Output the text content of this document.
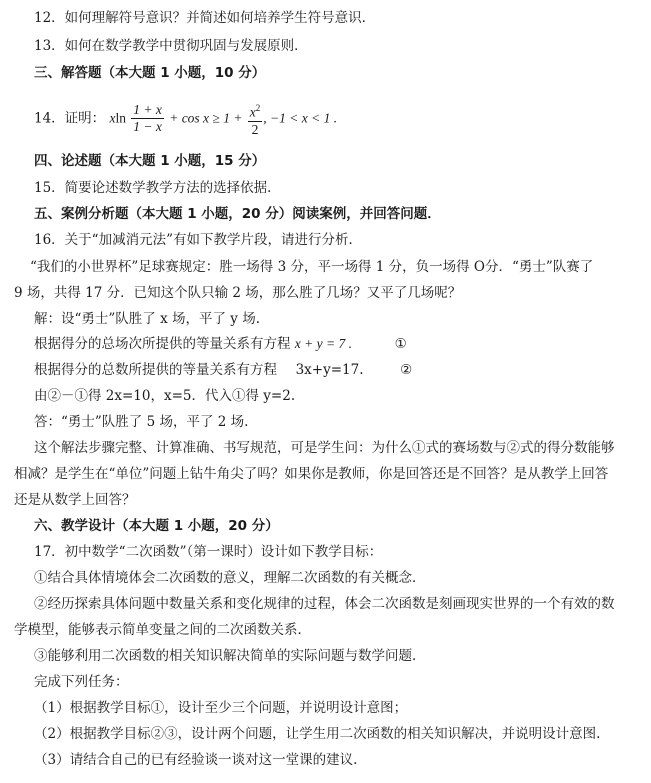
12．如何理解符号意识？并简述如何培养学生符号意识．
13．如何在数学教学中贯彻巩固与发展原则．
三、解答题（本大题 1 小题，10 分）
14．证明： xln $\frac{1 + x}{1 - x} + \cos x \ge 1 + \frac{x^2}{2}$ , −1 < x < 1 .
四、论述题（本大题 1 小题，15 分）
15．简要论述数学教学方法的选择依据．
五、案例分析题（本大题 1 小题，20 分）阅读案例，并回答问题．
16．关于“加减消元法”有如下教学片段，请进行分析．
“我们的小世界杯”足球赛规定：胜一场得 3 分，平一场得 1 分，负一场得 O分．“勇士”队赛了
9 场，共得 17 分．已知这个队只输 2 场，那么胜了几场？又平了几场呢？
解：设“勇士”队胜了 x 场，平了 y 场.
根据得分的总场次所提供的等量关系有方程 x + y = 7 .	①
根据得分的总数所提供的等量关系有方程 3x+y=17.	②
由②－①得 2x=10，x=5．代入①得 y=2.
答：“勇士”队胜了 5 场，平了 2 场.
这个解法步骤完整、计算准确、书写规范，可是学生问：为什么①式的赛场数与②式的得分数能够
相减？是学生在“单位”问题上钻牛角尖了吗？如果你是教师，你是回答还是不回答？是从教学上回答
还是从数学上回答？
六、教学设计（本大题 1 小题，20 分）
17．初中数学“二次函数”（第一课时）设计如下教学目标：
①结合具体情境体会二次函数的意义，理解二次函数的有关概念．
②经历探索具体问题中数量关系和变化规律的过程，体会二次函数是刻画现实世界的一个有效的数
学模型，能够表示简单变量之间的二次函数关系．
③能够利用二次函数的相关知识解决简单的实际问题与数学问题．
完成下列任务：
（1）根据教学目标①，设计至少三个问题，并说明设计意图；
（2）根据教学目标②③，设计两个问题，让学生用二次函数的相关知识解决，并说明设计意图.
（3）请结合自己的已有经验谈一谈对这一堂课的建议.
